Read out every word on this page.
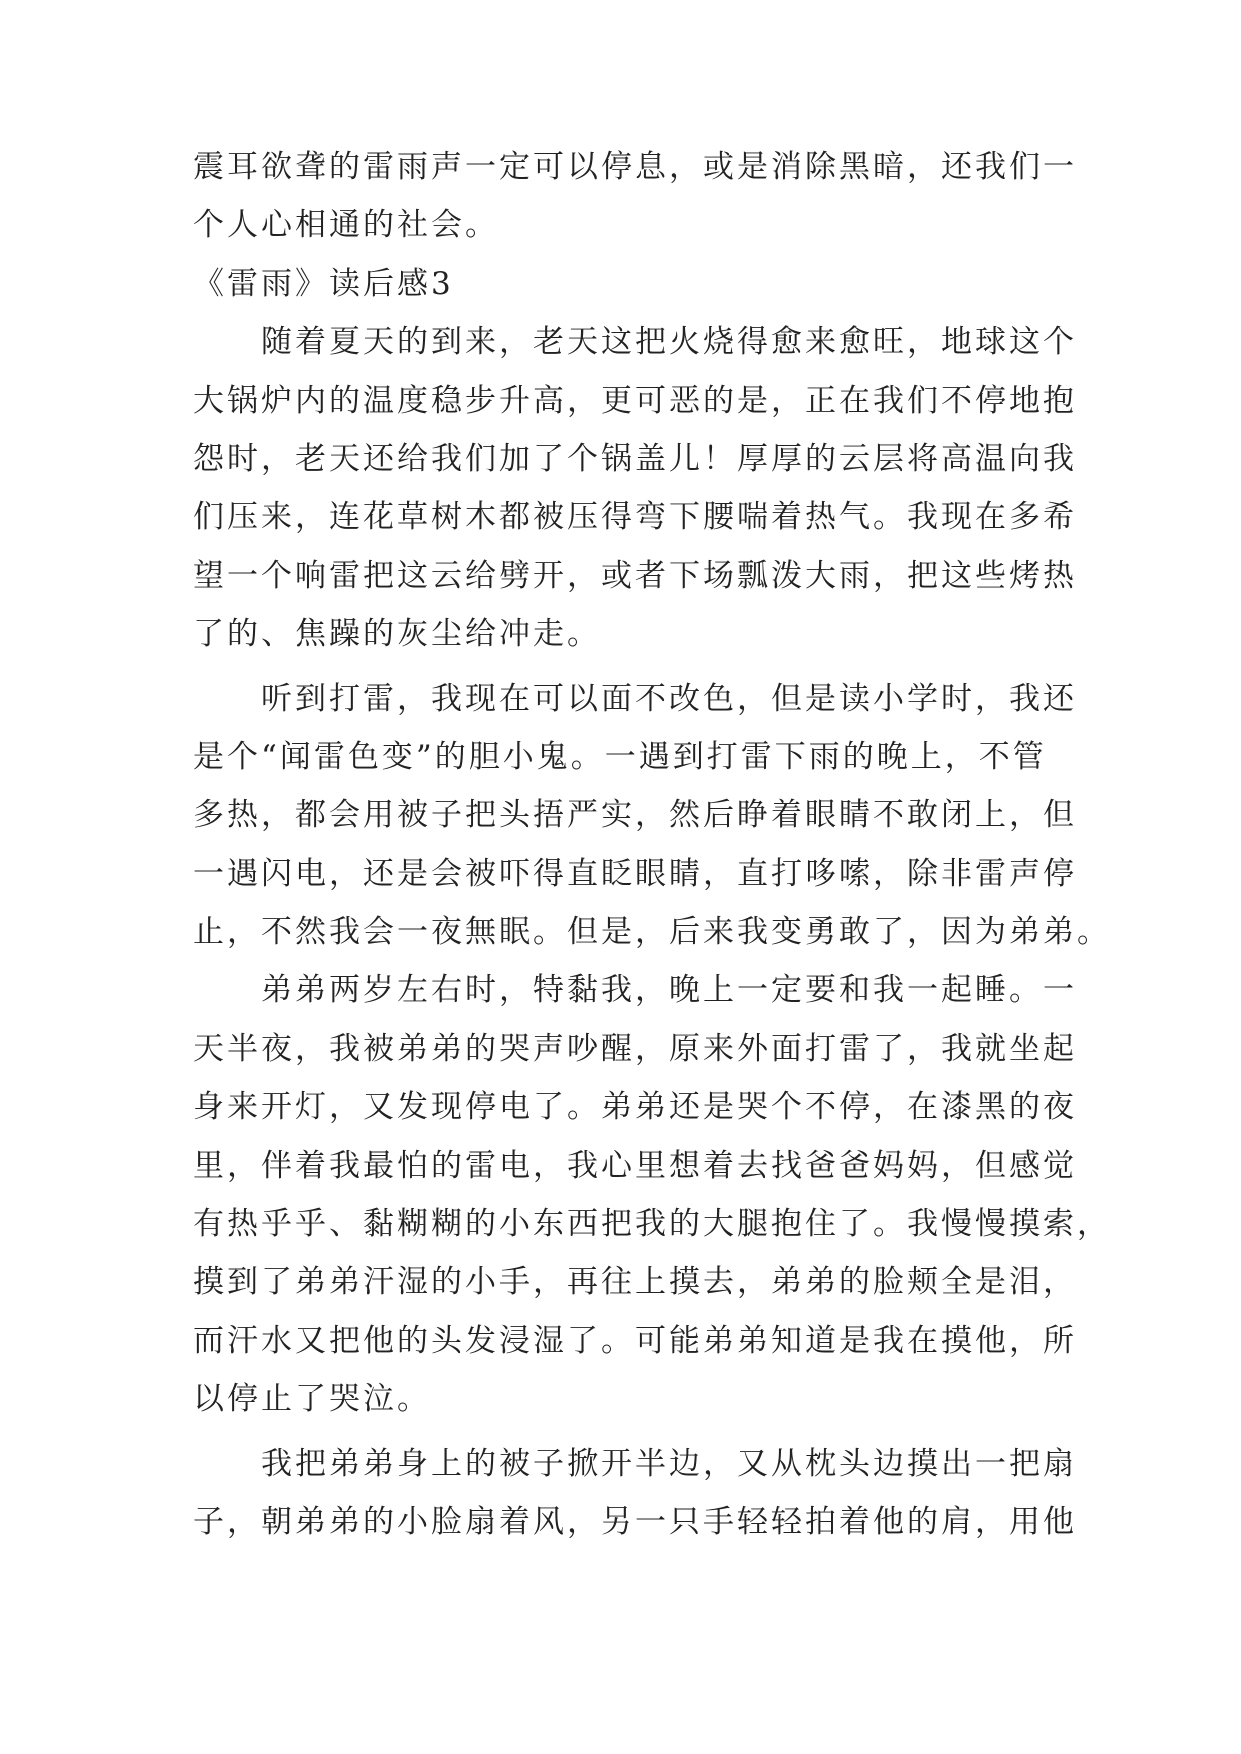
震耳欲聋的雷雨声一定可以停息，或是消除黑暗，还我们一
个人心相通的社会。
《雷雨》读后感3
随着夏天的到来，老天这把火烧得愈来愈旺，地球这个
大锅炉内的温度稳步升高，更可恶的是，正在我们不停地抱
怨时，老天还给我们加了个锅盖儿！厚厚的云层将高温向我
们压来，连花草树木都被压得弯下腰喘着热气。我现在多希
望一个响雷把这云给劈开，或者下场瓢泼大雨，把这些烤热
了的、焦躁的灰尘给冲走。
听到打雷，我现在可以面不改色，但是读小学时，我还
是个“闻雷色变”的胆小鬼。一遇到打雷下雨的晚上，不管
多热，都会用被子把头捂严实，然后睁着眼睛不敢闭上，但
一遇闪电，还是会被吓得直眨眼睛，直打哆嗦，除非雷声停
止，不然我会一夜無眠。但是，后来我变勇敢了，因为弟弟。
弟弟两岁左右时，特黏我，晚上一定要和我一起睡。一
天半夜，我被弟弟的哭声吵醒，原来外面打雷了，我就坐起
身来开灯，又发现停电了。弟弟还是哭个不停，在漆黑的夜
里，伴着我最怕的雷电，我心里想着去找爸爸妈妈，但感觉
有热乎乎、黏糊糊的小东西把我的大腿抱住了。我慢慢摸索，
摸到了弟弟汗湿的小手，再往上摸去，弟弟的脸颊全是泪，
而汗水又把他的头发浸湿了。可能弟弟知道是我在摸他，所
以停止了哭泣。
我把弟弟身上的被子掀开半边，又从枕头边摸出一把扇
子，朝弟弟的小脸扇着风，另一只手轻轻拍着他的肩，用他
